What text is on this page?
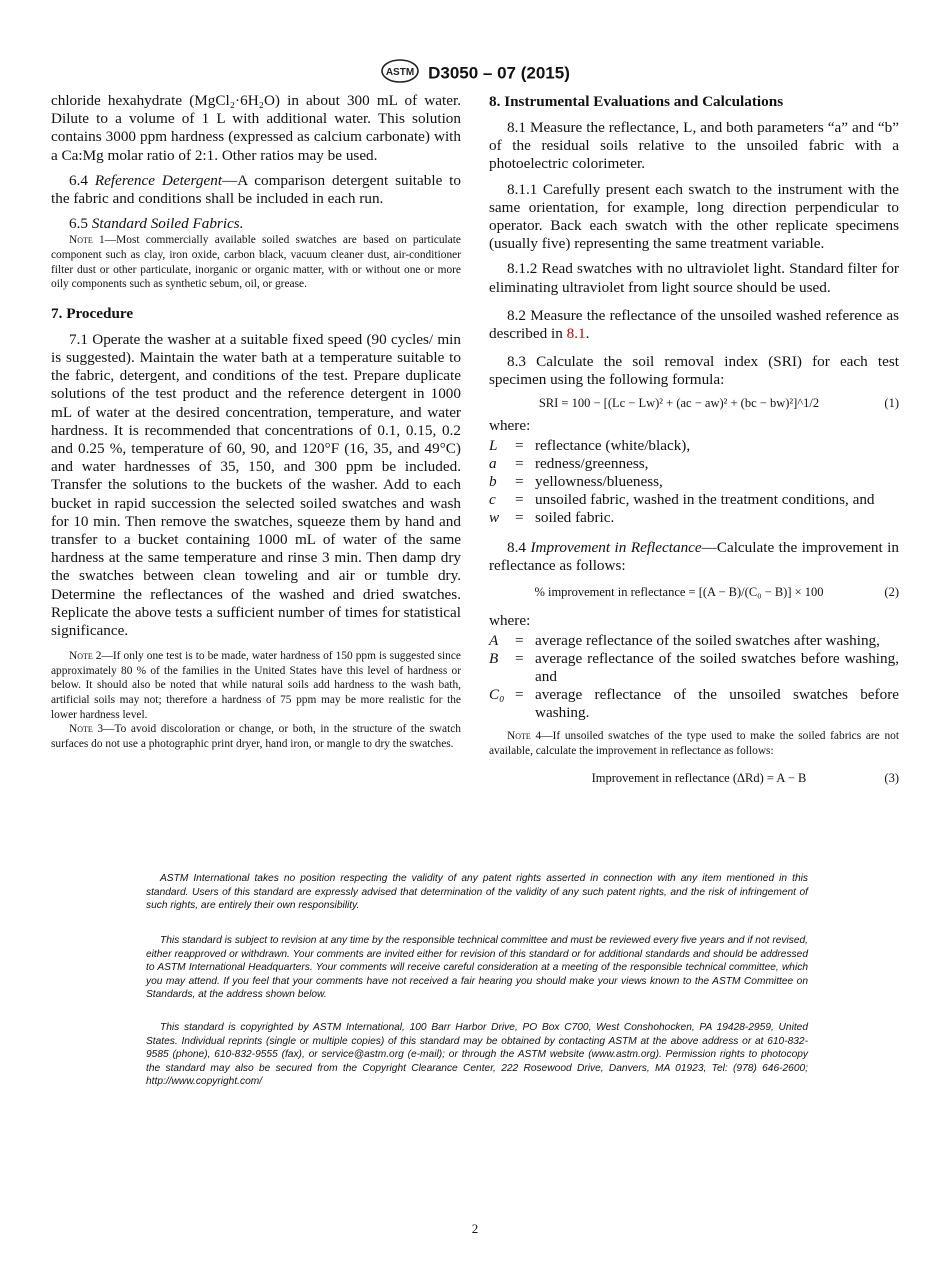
ASTM D3050 – 07 (2015)

chloride hexahydrate (MgCl₂·6H₂O) in about 300 mL of water. Dilute to a volume of 1 L with additional water. This solution contains 3000 ppm hardness (expressed as calcium carbonate) with a Ca:Mg molar ratio of 2:1. Other ratios may be used.

6.4 Reference Detergent—A comparison detergent suitable to the fabric and conditions shall be included in each run.

6.5 Standard Soiled Fabrics.

Note 1—Most commercially available soiled swatches are based on particulate component such as clay, iron oxide, carbon black, vacuum cleaner dust, air-conditioner filter dust or other particulate, inorganic or organic matter, with or without one or more oily components such as synthetic sebum, oil, or grease.

7. Procedure

7.1 Operate the washer at a suitable fixed speed (90 cycles/ min is suggested). Maintain the water bath at a temperature suitable to the fabric, detergent, and conditions of the test. Prepare duplicate solutions of the test product and the reference detergent in 1000 mL of water at the desired concentration, temperature, and water hardness. It is recommended that concentrations of 0.1, 0.15, 0.2 and 0.25 %, temperature of 60, 90, and 120°F (16, 35, and 49°C) and water hardnesses of 35, 150, and 300 ppm be included. Transfer the solutions to the buckets of the washer. Add to each bucket in rapid succession the selected soiled swatches and wash for 10 min. Then remove the swatches, squeeze them by hand and transfer to a bucket containing 1000 mL of water of the same hardness at the same temperature and rinse 3 min. Then damp dry the swatches between clean toweling and air or tumble dry. Determine the reflectances of the washed and dried swatches. Replicate the above tests a sufficient number of times for statistical significance.

Note 2—If only one test is to be made, water hardness of 150 ppm is suggested since approximately 80 % of the families in the United States have this level of hardness or below. It should also be noted that while natural soils add hardness to the wash bath, artificial soils may not; therefore a hardness of 75 ppm may be more realistic for the lower hardness level.

Note 3—To avoid discoloration or change, or both, in the structure of the swatch surfaces do not use a photographic print dryer, hand iron, or mangle to dry the swatches.

8. Instrumental Evaluations and Calculations

8.1 Measure the reflectance, L, and both parameters “a” and “b” of the residual soils relative to the unsoiled fabric with a photoelectric colorimeter.

8.1.1 Carefully present each swatch to the instrument with the same orientation, for example, long direction perpendicular to operator. Back each swatch with the other replicate specimens (usually five) representing the same treatment variable.

8.1.2 Read swatches with no ultraviolet light. Standard filter for eliminating ultraviolet from light source should be used.

8.2 Measure the reflectance of the unsoiled washed reference as described in 8.1.

8.3 Calculate the soil removal index (SRI) for each test specimen using the following formula:

SRI = 100 − [(Lc − Lw)² + (ac − aw)² + (bc − bw)²]^1/2	(1)

where:

L	=	reflectance (white/black),
a	=	redness/greenness,
b	=	yellowness/blueness,
c	=	unsoiled fabric, washed in the treatment conditions, and
w	=	soiled fabric.

8.4 Improvement in Reflectance—Calculate the improvement in reflectance as follows:

% improvement in reflectance = [(A − B)/(C₀ − B)] × 100	(2)

where:

A	=	average reflectance of the soiled swatches after washing,
B	=	average reflectance of the soiled swatches before washing, and
C₀	=	average reflectance of the unsoiled swatches before washing.

Note 4—If unsoiled swatches of the type used to make the soiled fabrics are not available, calculate the improvement in reflectance as follows:

Improvement in reflectance (ΔRd) = A − B	(3)

ASTM International takes no position respecting the validity of any patent rights asserted in connection with any item mentioned in this standard. Users of this standard are expressly advised that determination of the validity of any such patent rights, and the risk of infringement of such rights, are entirely their own responsibility.

This standard is subject to revision at any time by the responsible technical committee and must be reviewed every five years and if not revised, either reapproved or withdrawn. Your comments are invited either for revision of this standard or for additional standards and should be addressed to ASTM International Headquarters. Your comments will receive careful consideration at a meeting of the responsible technical committee, which you may attend. If you feel that your comments have not received a fair hearing you should make your views known to the ASTM Committee on Standards, at the address shown below.

This standard is copyrighted by ASTM International, 100 Barr Harbor Drive, PO Box C700, West Conshohocken, PA 19428-2959, United States. Individual reprints (single or multiple copies) of this standard may be obtained by contacting ASTM at the above address or at 610-832-9585 (phone), 610-832-9555 (fax), or service@astm.org (e-mail); or through the ASTM website (www.astm.org). Permission rights to photocopy the standard may also be secured from the Copyright Clearance Center, 222 Rosewood Drive, Danvers, MA 01923, Tel: (978) 646-2600; http://www.copyright.com/

2
